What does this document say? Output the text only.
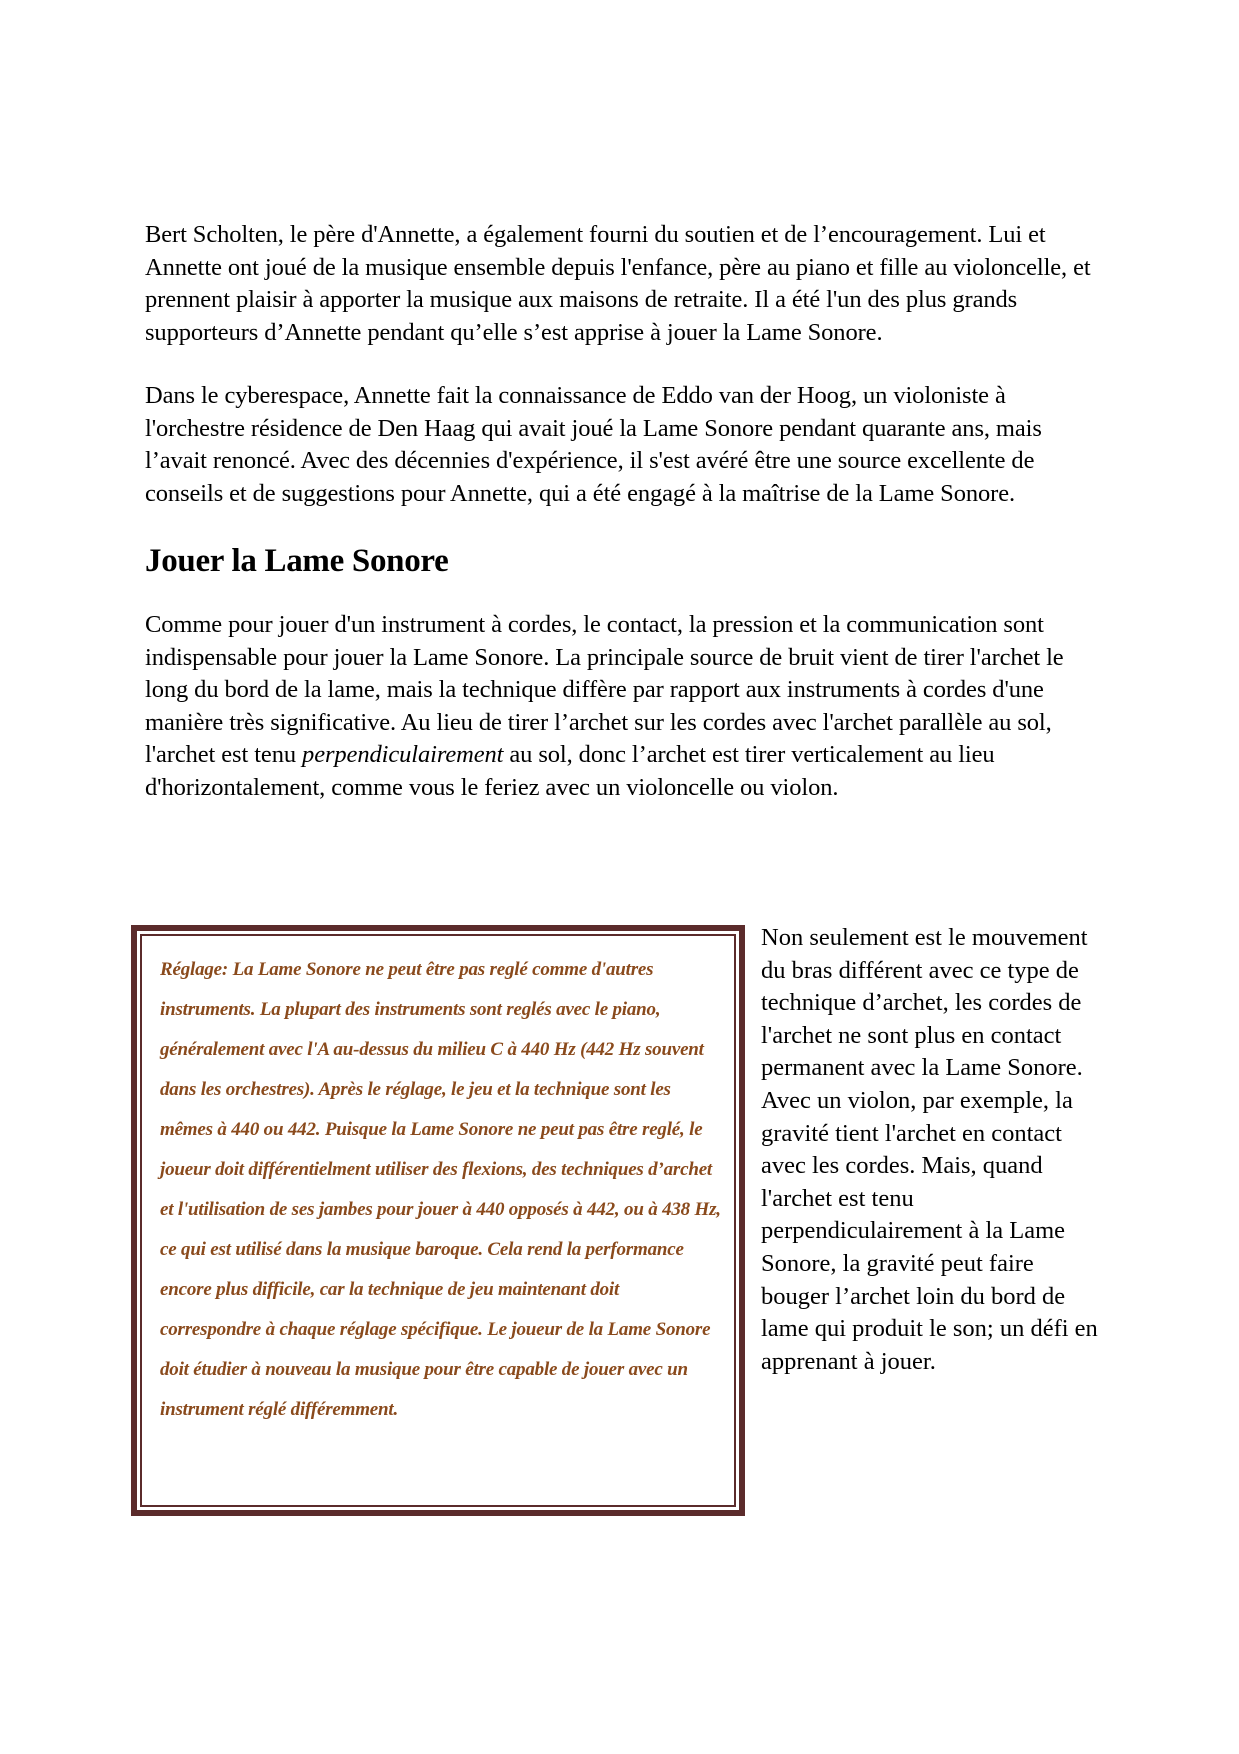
Bert Scholten, le père d'Annette, a également fourni du soutien et de l’encouragement. Lui et Annette ont joué de la musique ensemble depuis l'enfance, père au piano et fille au violoncelle, et prennent plaisir à apporter la musique aux maisons de retraite. Il a été l'un des plus grands supporteurs d’Annette pendant qu’elle s’est apprise à jouer la Lame Sonore.

Dans le cyberespace, Annette fait la connaissance de Eddo van der Hoog, un violoniste à l'orchestre résidence de Den Haag qui avait joué la Lame Sonore pendant quarante ans, mais l’avait renoncé. Avec des décennies d'expérience, il s'est avéré être une source excellente de conseils et de suggestions pour Annette, qui a été engagé à la maîtrise de la Lame Sonore.

Jouer la Lame Sonore

Comme pour jouer d'un instrument à cordes, le contact, la pression et la communication sont indispensable pour jouer la Lame Sonore. La principale source de bruit vient de tirer l'archet le long du bord de la lame, mais la technique diffère par rapport aux instruments à cordes d'une manière très significative. Au lieu de tirer l’archet sur les cordes avec l'archet parallèle au sol, l'archet est tenu perpendiculairement au sol, donc l’archet est tirer verticalement au lieu d'horizontalement, comme vous le feriez avec un violoncelle ou violon.

Réglage: La Lame Sonore ne peut être pas reglé comme d'autres instruments. La plupart des instruments sont reglés avec le piano, généralement avec l'A au-dessus du milieu C à 440 Hz (442 Hz souvent dans les orchestres). Après le réglage, le jeu et la technique sont les mêmes à 440 ou 442. Puisque la Lame Sonore ne peut pas être reglé, le joueur doit différentielment utiliser des flexions, des techniques d’archet et l'utilisation de ses jambes pour jouer à 440 opposés à 442, ou à 438 Hz, ce qui est utilisé dans la musique baroque. Cela rend la performance encore plus difficile, car la technique de jeu maintenant doit correspondre à chaque réglage spécifique. Le joueur de la Lame Sonore doit étudier à nouveau la musique pour être capable de jouer avec un instrument réglé différemment.

Non seulement est le mouvement du bras différent avec ce type de technique d’archet, les cordes de l'archet ne sont plus en contact permanent avec la Lame Sonore. Avec un violon, par exemple, la gravité tient l'archet en contact avec les cordes. Mais, quand l'archet est tenu perpendiculairement à la Lame Sonore, la gravité peut faire bouger l’archet loin du bord de lame qui produit le son; un défi en apprenant à jouer.
